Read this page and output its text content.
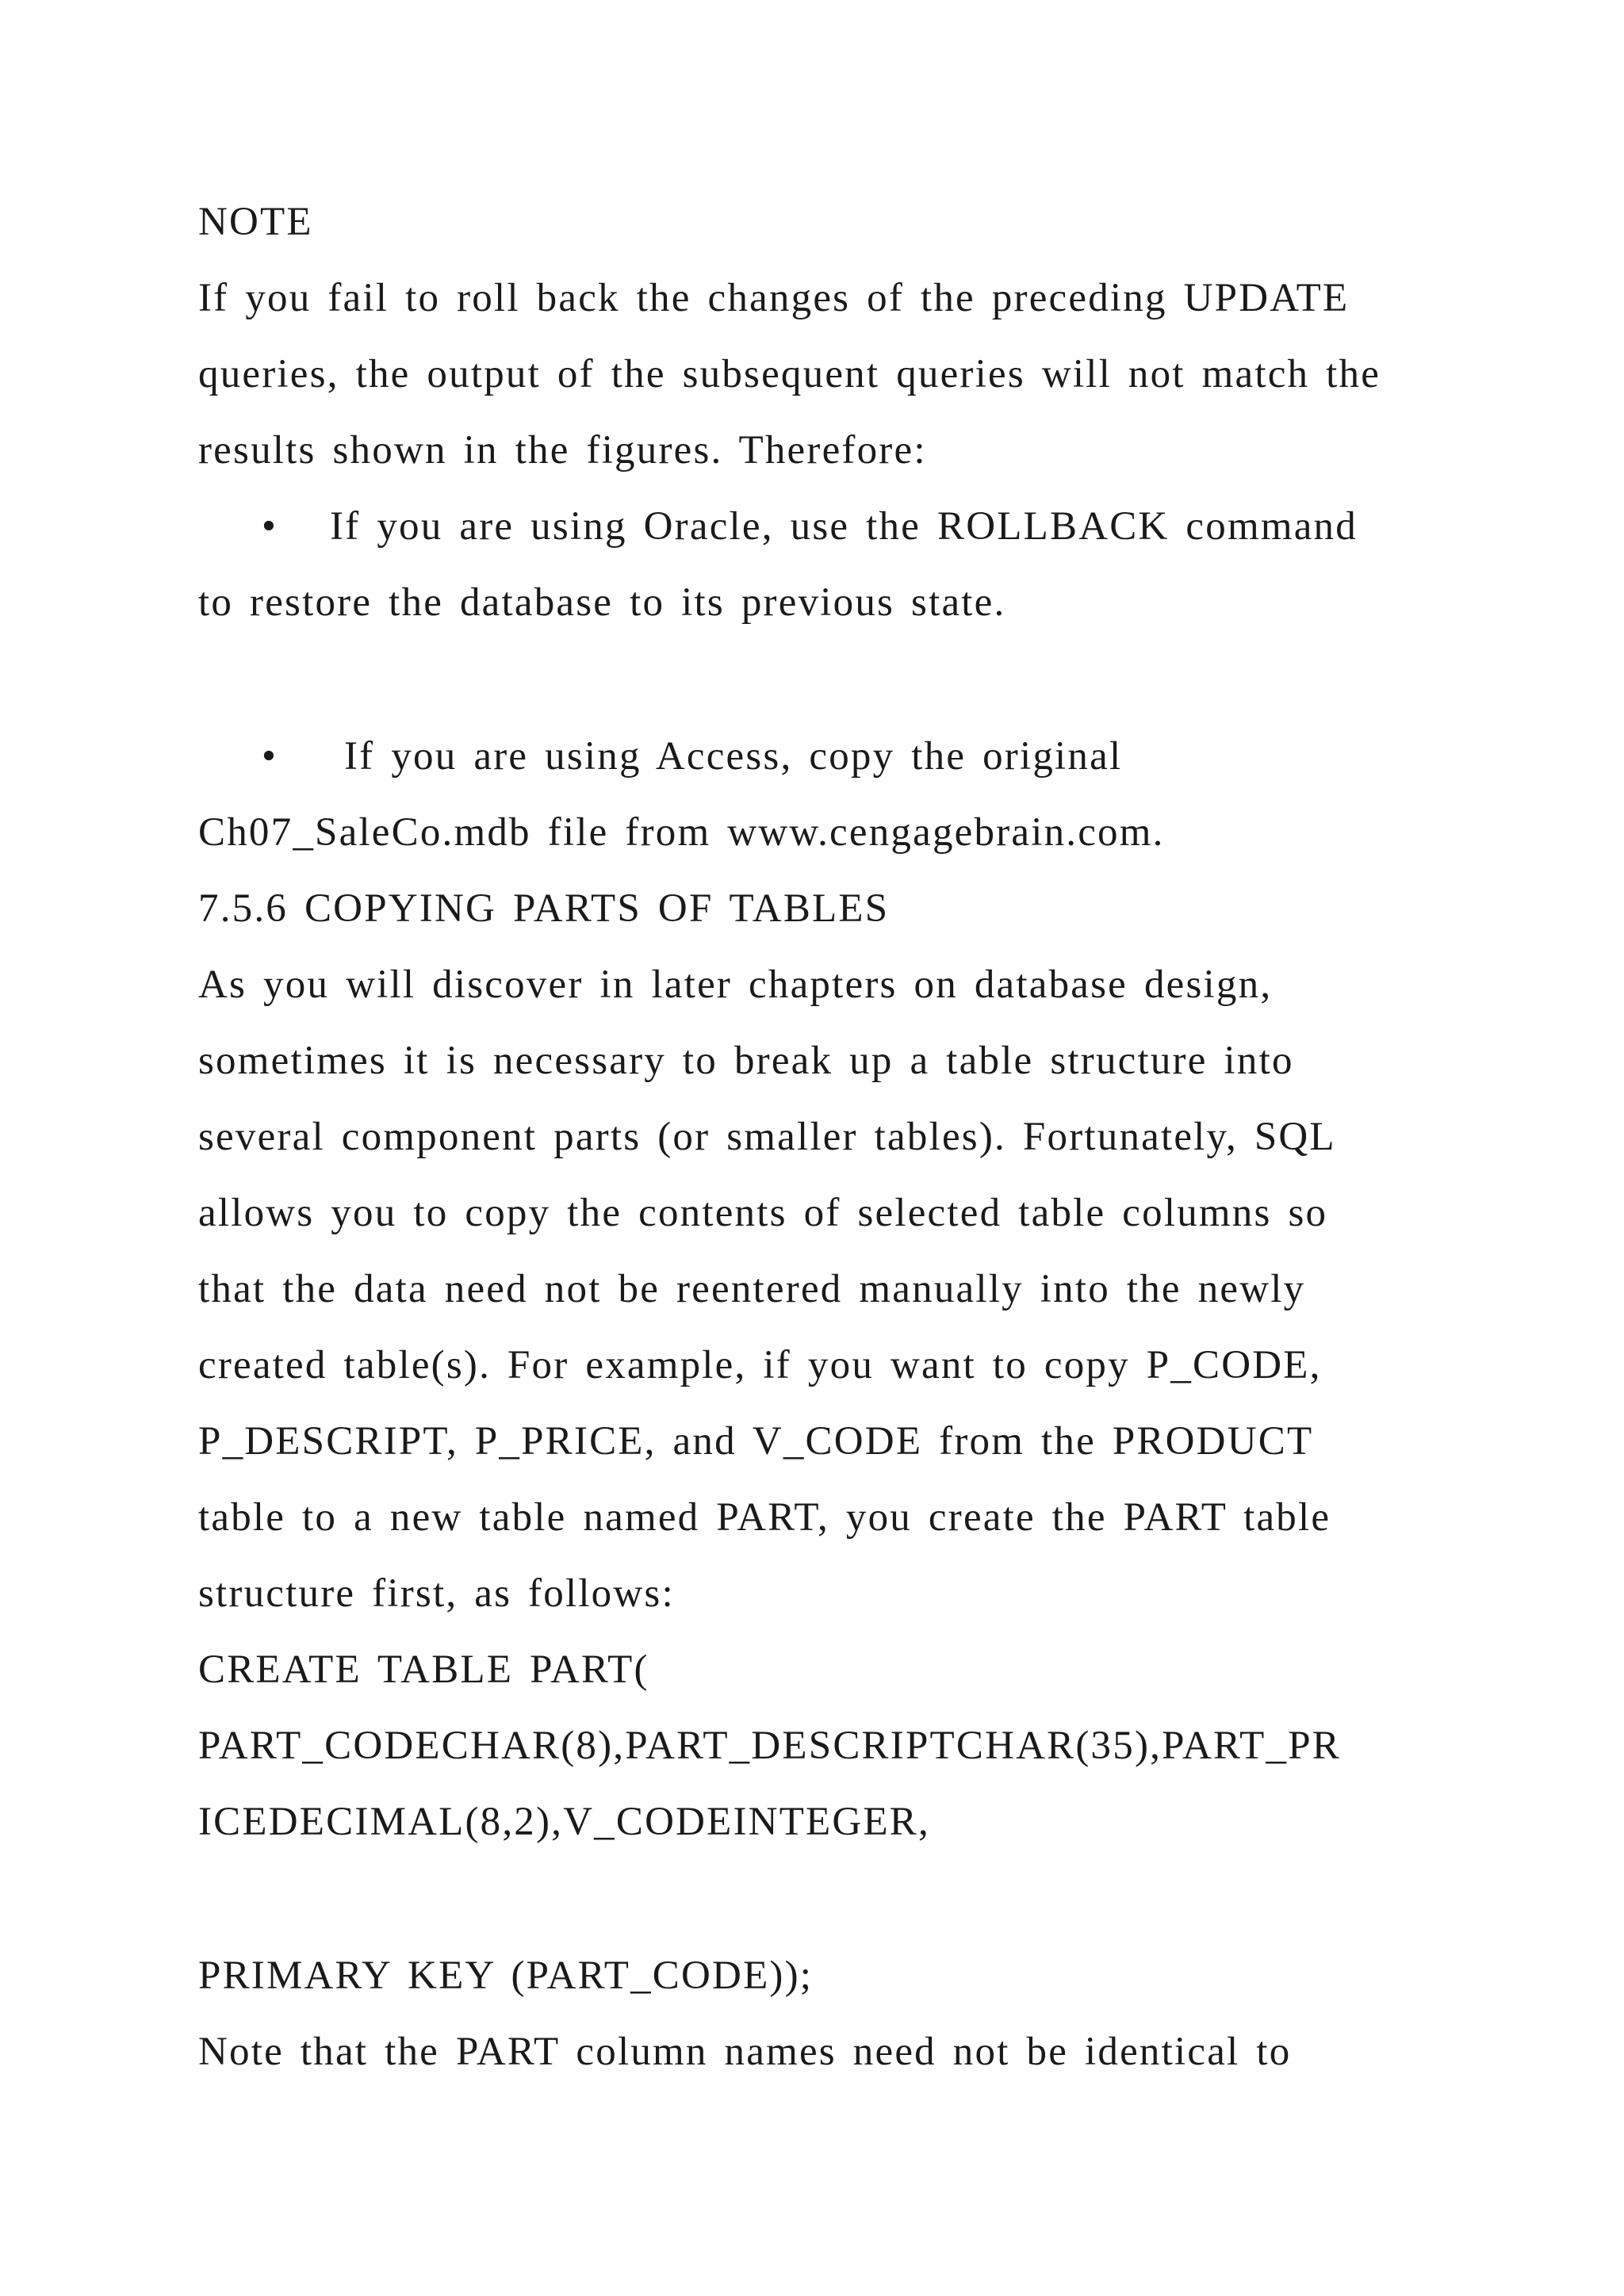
NOTE
If you fail to roll back the changes of the preceding UPDATE
queries, the output of the subsequent queries will not match the
results shown in the figures. Therefore:
• If you are using Oracle, use the ROLLBACK command
to restore the database to its previous state.
• If you are using Access, copy the original
Ch07_SaleCo.mdb file from www.cengagebrain.com.
7.5.6 COPYING PARTS OF TABLES
As you will discover in later chapters on database design,
sometimes it is necessary to break up a table structure into
several component parts (or smaller tables). Fortunately, SQL
allows you to copy the contents of selected table columns so
that the data need not be reentered manually into the newly
created table(s). For example, if you want to copy P_CODE,
P_DESCRIPT, P_PRICE, and V_CODE from the PRODUCT
table to a new table named PART, you create the PART table
structure first, as follows:
CREATE TABLE PART(
PART_CODECHAR(8),PART_DESCRIPTCHAR(35),PART_PR
ICEDECIMAL(8,2),V_CODEINTEGER,
PRIMARY KEY (PART_CODE));
Note that the PART column names need not be identical to
